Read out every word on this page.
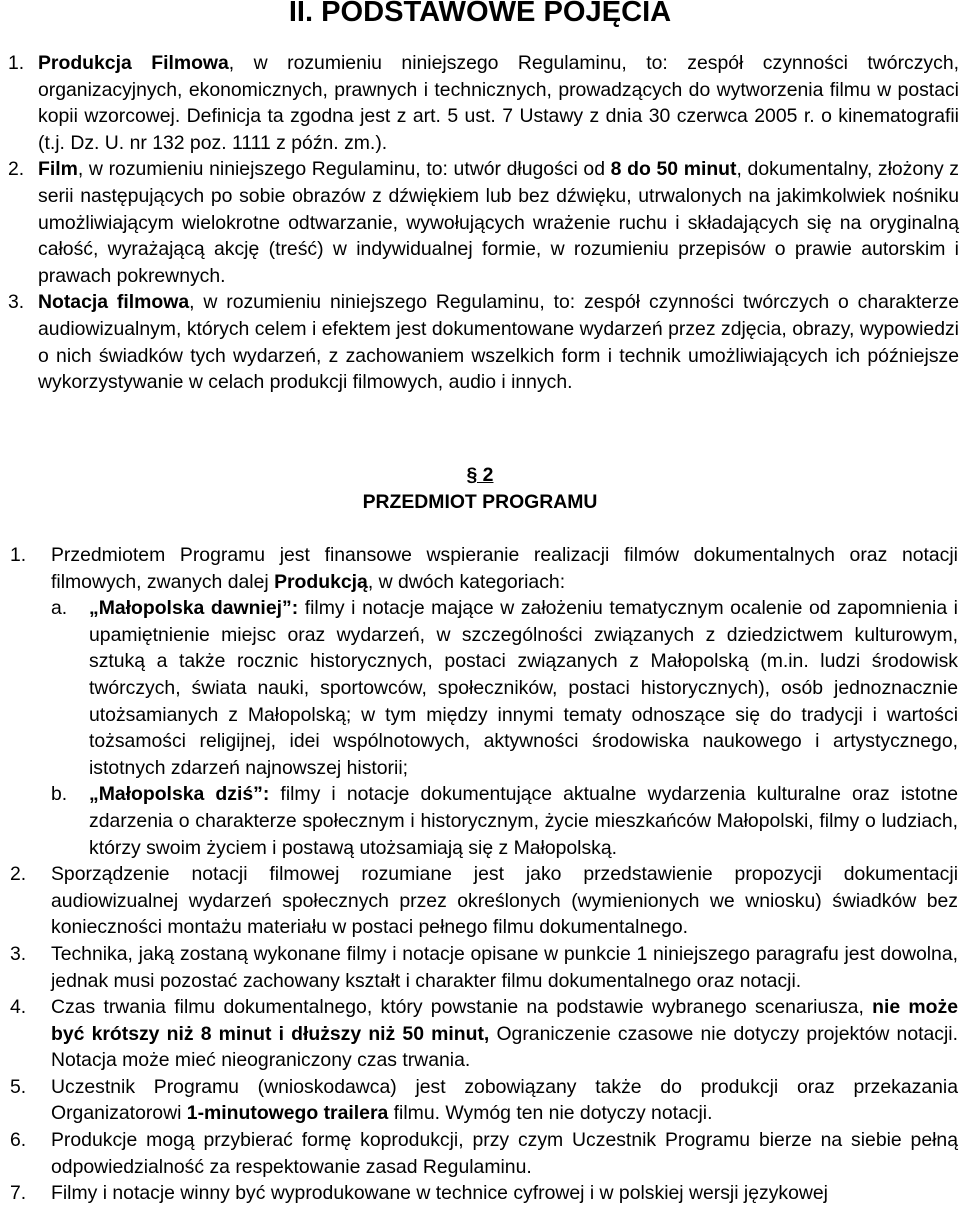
II. PODSTAWOWE POJĘCIA

1. Produkcja Filmowa, w rozumieniu niniejszego Regulaminu, to: zespół czynności twórczych, organizacyjnych, ekonomicznych, prawnych i technicznych, prowadzących do wytworzenia filmu w postaci kopii wzorcowej. Definicja ta zgodna jest z art. 5 ust. 7 Ustawy z dnia 30 czerwca 2005 r. o kinematografii (t.j. Dz. U. nr 132 poz. 1111 z późn. zm.).

2. Film, w rozumieniu niniejszego Regulaminu, to: utwór długości od 8 do 50 minut, dokumentalny, złożony z serii następujących po sobie obrazów z dźwiękiem lub bez dźwięku, utrwalonych na jakimkolwiek nośniku umożliwiającym wielokrotne odtwarzanie, wywołujących wrażenie ruchu i składających się na oryginalną całość, wyrażającą akcję (treść) w indywidualnej formie, w rozumieniu przepisów o prawie autorskim i prawach pokrewnych.

3. Notacja filmowa, w rozumieniu niniejszego Regulaminu, to: zespół czynności twórczych o charakterze audiowizualnym, których celem i efektem jest dokumentowane wydarzeń przez zdjęcia, obrazy, wypowiedzi o nich świadków tych wydarzeń, z zachowaniem wszelkich form i technik umożliwiających ich późniejsze wykorzystywanie w celach produkcji filmowych, audio i innych.

§ 2

PRZEDMIOT PROGRAMU

1. Przedmiotem Programu jest finansowe wspieranie realizacji filmów dokumentalnych oraz notacji filmowych, zwanych dalej Produkcją, w dwóch kategoriach:
a. „Małopolska dawniej”: filmy i notacje mające w założeniu tematycznym ocalenie od zapomnienia i upamiętnienie miejsc oraz wydarzeń, w szczególności związanych z dziedzictwem kulturowym, sztuką a także rocznic historycznych, postaci związanych z Małopolską (m.in. ludzi środowisk twórczych, świata nauki, sportowców, społeczników, postaci historycznych), osób jednoznacznie utożsamianych z Małopolską; w tym między innymi tematy odnoszące się do tradycji i wartości tożsamości religijnej, idei wspólnotowych, aktywności środowiska naukowego i artystycznego, istotnych zdarzeń najnowszej historii;
b. „Małopolska dziś”: filmy i notacje dokumentujące aktualne wydarzenia kulturalne oraz istotne zdarzenia o charakterze społecznym i historycznym, życie mieszkańców Małopolski, filmy o ludziach, którzy swoim życiem i postawą utożsamiają się z Małopolską.

2. Sporządzenie notacji filmowej rozumiane jest jako przedstawienie propozycji dokumentacji audiowizualnej wydarzeń społecznych przez określonych (wymienionych we wniosku) świadków bez konieczności montażu materiału w postaci pełnego filmu dokumentalnego.

3. Technika, jaką zostaną wykonane filmy i notacje opisane w punkcie 1 niniejszego paragrafu jest dowolna, jednak musi pozostać zachowany kształt i charakter filmu dokumentalnego oraz notacji.

4. Czas trwania filmu dokumentalnego, który powstanie na podstawie wybranego scenariusza, nie może być krótszy niż 8 minut i dłuższy niż 50 minut, Ograniczenie czasowe nie dotyczy projektów notacji. Notacja może mieć nieograniczony czas trwania.

5. Uczestnik Programu (wnioskodawca) jest zobowiązany także do produkcji oraz przekazania Organizatorowi 1-minutowego trailera filmu. Wymóg ten nie dotyczy notacji.

6. Produkcje mogą przybierać formę koprodukcji, przy czym Uczestnik Programu bierze na siebie pełną odpowiedzialność za respektowanie zasad Regulaminu.

7. Filmy i notacje winny być wyprodukowane w technice cyfrowej i w polskiej wersji językowej
